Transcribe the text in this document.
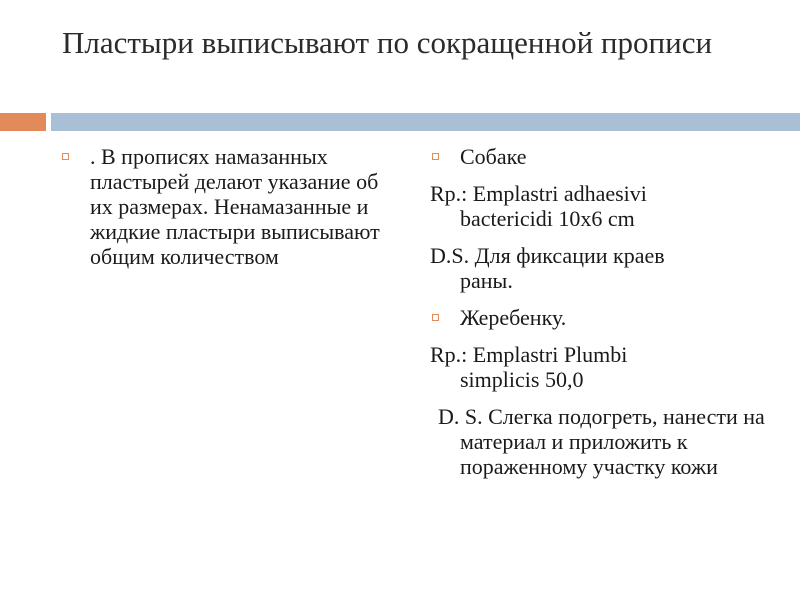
Пластыри выписывают по сокращенной прописи
. В прописях намазанных пластырей делают указание об их размерах. Ненамазанные и жидкие пластыри выписывают общим количеством
Собаке
Rp.: Emplastri adhaesivi
bactericidi 10x6 cm
D.S. Для фиксации краев
раны.
Жеребенку.
Rp.: Emplastri Plumbi
simplicis 50,0
D. S. Слегка подогреть, нанести на материал и приложить к пораженному участку кожи
